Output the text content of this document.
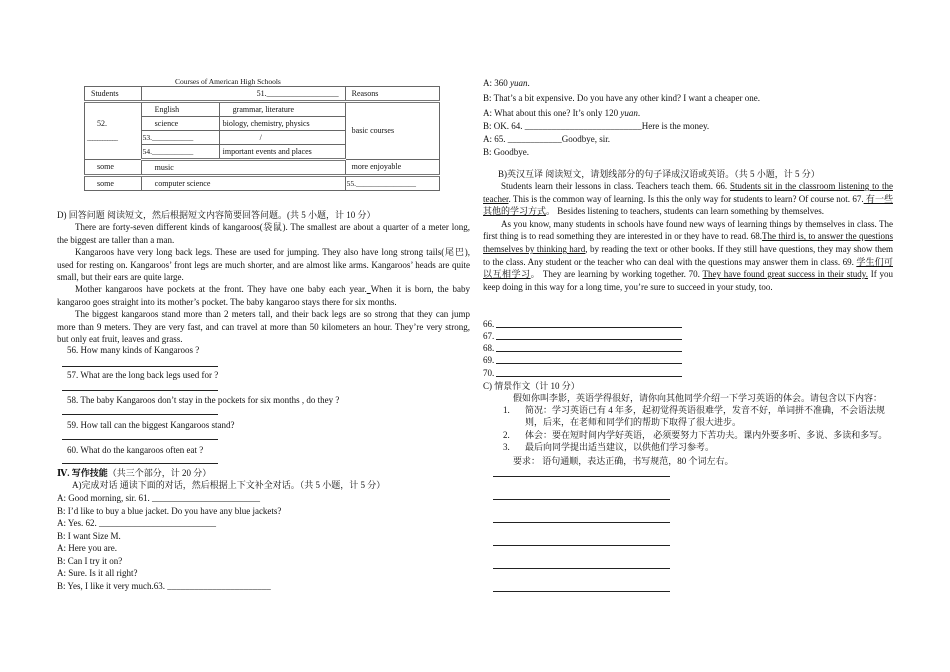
Courses of American High Schools
Students	51.__________________		Reasons

52.
____________	English	grammar, literature	basic courses
	science	biology, chemistry, physics	
	53.___________	/	
	54.___________	important events and places	
some	music		more enjoyable
some	computer science		55.________________

D) 回答问题 阅读短文，然后根据短文内容简要回答问题。(共 5 小题，计 10 分）

There are forty-seven different kinds of kangaroos(袋鼠). The smallest are about a quarter of a meter long, the biggest are taller than a man.

Kangaroos have very long back legs. These are used for jumping. They also have long strong tails(尾巴), used for resting on. Kangaroos’ front legs are much shorter, and are almost like arms. Kangaroos’ heads are quite small, but their ears are quite large.

Mother kangaroos have pockets at the front. They have one baby each year. When it is born, the baby kangaroo goes straight into its mother’s pocket. The baby kangaroo stays there for six months.

The biggest kangaroos stand more than 2 meters tall, and their back legs are so strong that they can jump more than 9 meters. They are very fast, and can travel at more than 50 kilometers an hour. They’re very strong, but only eat fruit, leaves and grass.

56. How many kinds of Kangaroos ?
57. What are the long back legs used for ?
58. The baby Kangaroos don’t stay in the pockets for six months , do they ?
59. How tall can the biggest Kangaroos stand?
60. What do the kangaroos often eat ?
Ⅳ. 写作技能（共三个部分，计 20 分）
A)完成对话 通读下面的对话，然后根据上下文补全对话。（共 5 小题，计 5 分）

A: Good morning, sir. 61. ________________________

B: I’d like to buy a blue jacket. Do you have any blue jackets?

A: Yes. 62. __________________________

B: I want Size M.

A: Here you are.

B: Can I try it on?

A: Sure. Is it all right?

B: Yes, I like it very much.63. _______________________

A: 360 yuan.

B: That’s a bit expensive. Do you have any other kind? I want a cheaper one.

A: What about this one? It’s only 120 yuan.

B: OK. 64. __________________________Here is the money.

A: 65. ____________Goodbye, sir.

B: Goodbye.

B)英汉互译 阅读短文，请划线部分的句子译成汉语或英语。（共 5 小题，计 5 分）

Students learn their lessons in class. Teachers teach them. 66. Students sit in the classroom listening to the teacher. This is the common way of learning. Is this the only way for students to learn? Of course not. 67. 有一些其他的学习方式。 Besides listening to teachers, students can learn something by themselves.

As you know, many students in schools have found new ways of learning things by themselves in class. The first thing is to read something they are interested in or they have to read. 68.The third is, to answer the questions themselves by thinking hard, by reading the text or other books. If they still have questions, they may show them to the class. Any student or the teacher who can deal with the questions may answer them in class. 69. 学生们可以互相学习。 They are learning by working together. 70. They have found great success in their study. If you keep doing in this way for a long time, you’re sure to succeed in your study, too.

66.
67.
68.
69.
70.
C) 情景作文（计 10 分）
假如你叫李影，英语学得很好，请你向其他同学介绍一下学习英语的体会。请包含以下内容：
1.	简况：学习英语已有 4 年多，起初觉得英语很难学，发音不好，单词拼不准确，不会语法规则，后来，在老师和同学们的帮助下取得了很大进步。
2.	体会：要在短时间内学好英语， 必须要努力下苦功夫。课内外要多听、多说、多读和多写。
3.	最后向同学提出适当建议，以供他们学习参考。
要求： 语句通顺，表达正确，书写规范，80 个词左右。
